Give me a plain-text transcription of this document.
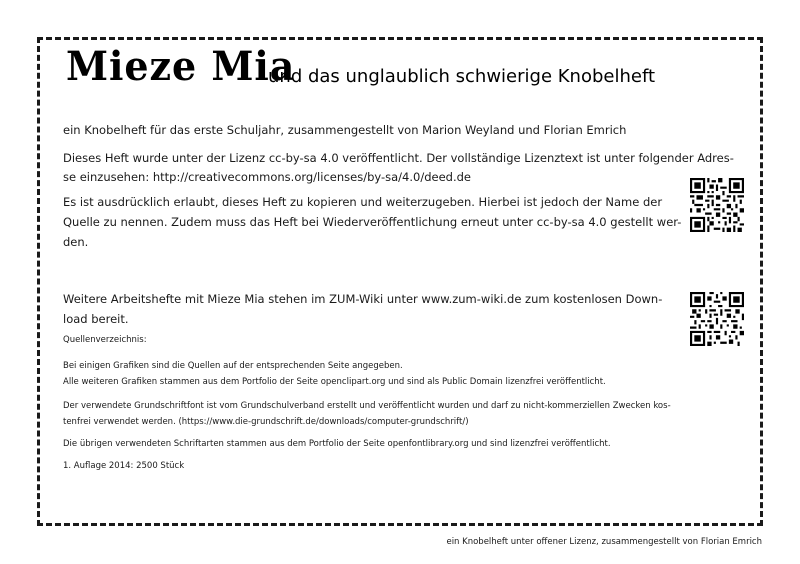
Mieze Mia
und das unglaublich schwierige Knobelheft
ein Knobelheft für das erste Schuljahr, zusammengestellt von Marion Weyland und Florian Emrich
Dieses Heft wurde unter der Lizenz cc-by-sa 4.0 veröffentlicht. Der vollständige Lizenztext ist unter folgender Adres-
se einzusehen: http://creativecommons.org/licenses/by-sa/4.0/deed.de
Es ist ausdrücklich erlaubt, dieses Heft zu kopieren und weiterzugeben. Hierbei ist jedoch der Name der
Quelle zu nennen. Zudem muss das Heft bei Wiederveröffentlichung erneut unter cc-by-sa 4.0 gestellt wer-
den.
Weitere Arbeitshefte mit Mieze Mia stehen im ZUM-Wiki unter www.zum-wiki.de zum kostenlosen Down-
load bereit.
Quellenverzeichnis:
Bei einigen Grafiken sind die Quellen auf der entsprechenden Seite angegeben.
Alle weiteren Grafiken stammen aus dem Portfolio der Seite openclipart.org und sind als Public Domain lizenzfrei veröffentlicht.
Der verwendete Grundschriftfont ist vom Grundschulverband erstellt und veröffentlicht wurden und darf zu nicht-kommerziellen Zwecken kos-
tenfrei verwendet werden. (https://www.die-grundschrift.de/downloads/computer-grundschrift/)
Die übrigen verwendeten Schriftarten stammen aus dem Portfolio der Seite openfontlibrary.org und sind lizenzfrei veröffentlicht.
1. Auflage 2014: 2500 Stück
ein Knobelheft unter offener Lizenz, zusammengestellt von Florian Emrich
